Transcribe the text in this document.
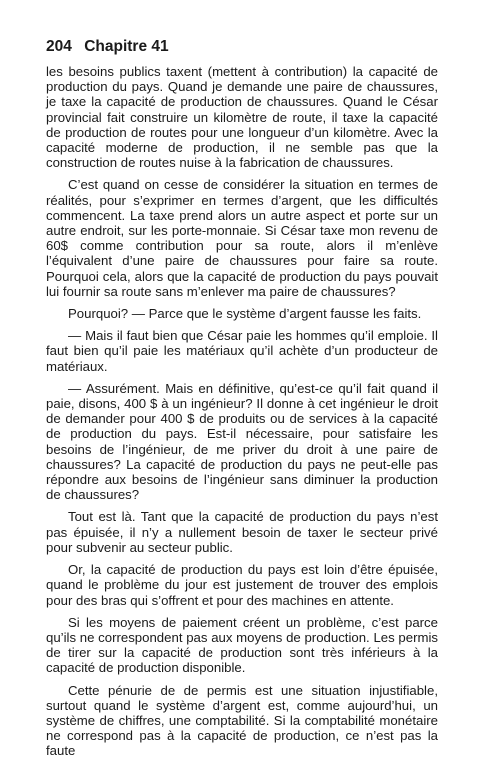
204 Chapitre 41

les besoins publics taxent (mettent à contribution) la capacité de production du pays. Quand je demande une paire de chaussures, je taxe la capacité de production de chaussures. Quand le César provincial fait construire un kilomètre de route, il taxe la capacité de production de routes pour une longueur d’un kilomètre. Avec la capacité moderne de production, il ne semble pas que la construction de routes nuise à la fabrication de chaussures.

C’est quand on cesse de considérer la situation en termes de réalités, pour s’exprimer en termes d’argent, que les difficultés commencent. La taxe prend alors un autre aspect et porte sur un autre endroit, sur les porte-monnaie. Si César taxe mon revenu de 60$ comme contribution pour sa route, alors il m’enlève l’équivalent d’une paire de chaussures pour faire sa route. Pourquoi cela, alors que la capacité de production du pays pouvait lui fournir sa route sans m’enlever ma paire de chaussures?

Pourquoi? — Parce que le système d’argent fausse les faits.

— Mais il faut bien que César paie les hommes qu’il emploie. Il faut bien qu’il paie les matériaux qu’il achète d’un producteur de matériaux.

— Assurément. Mais en définitive, qu’est-ce qu’il fait quand il paie, disons, 400 $ à un ingénieur? Il donne à cet ingénieur le droit de demander pour 400 $ de produits ou de services à la capacité de production du pays. Est-il nécessaire, pour satisfaire les besoins de l’ingénieur, de me priver du droit à une paire de chaussures? La capacité de production du pays ne peut-elle pas répondre aux besoins de l’ingénieur sans diminuer la production de chaussures?

Tout est là. Tant que la capacité de production du pays n’est pas épuisée, il n’y a nullement besoin de taxer le secteur privé pour subvenir au secteur public.

Or, la capacité de production du pays est loin d’être épuisée, quand le problème du jour est justement de trouver des emplois pour des bras qui s’offrent et pour des machines en attente.

Si les moyens de paiement créent un problème, c’est parce qu’ils ne correspondent pas aux moyens de production. Les permis de tirer sur la capacité de production sont très inférieurs à la capacité de production disponible.

Cette pénurie de de permis est une situation injustifiable, surtout quand le système d’argent est, comme aujourd’hui, un système de chiffres, une comptabilité. Si la comptabilité monétaire ne correspond pas à la capacité de production, ce n’est pas la faute
